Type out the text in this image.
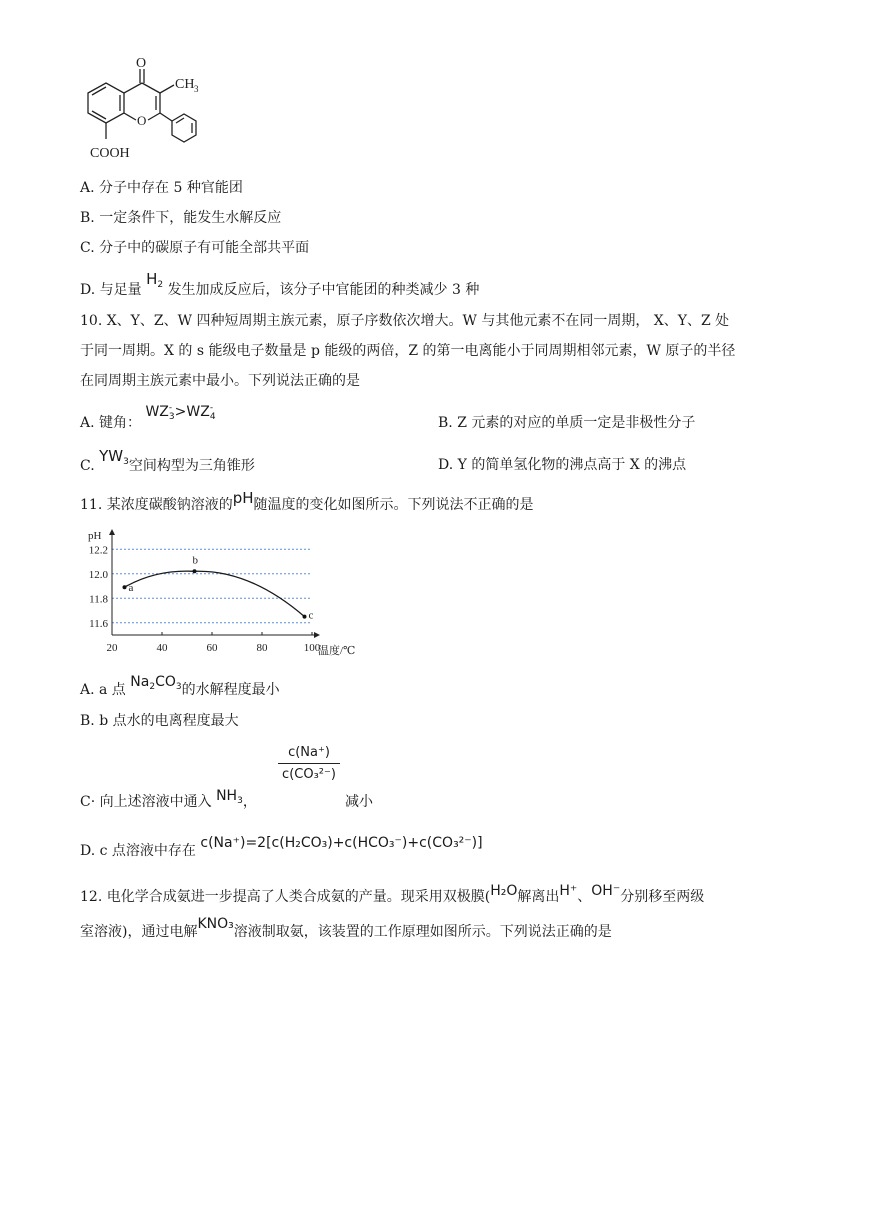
O
O
CH 3
COOH
A. 分子中存在 5 种官能团
B. 一定条件下，能发生水解反应
C. 分子中的碳原子有可能全部共平面
D. 与足量 $H_2$ 发生加成反应后，该分子中官能团的种类减少 3 种
10. X、Y、Z、W 四种短周期主族元素，原子序数依次增大。W 与其他元素不在同一周期， X、Y、Z 处
于同一周期。X 的 s 能级电子数量是 p 能级的两倍，Z 的第一电离能小于同周期相邻元素，W 原子的半径
在同周期主族元素中最小。下列说法正确的是
A. 键角： WZ -
3 >WZ -
4	B. Z 元素的对应的单质一定是非极性分子
C. $YW_3$空间构型为三角锥形	D. Y 的简单氢化物的沸点高于 X 的沸点
11. 某浓度碳酸钠溶液的pH随温度的变化如图所示。下列说法不正确的是
pH
温度/℃
12.2
12.0
11.8
11.6
20	40	60	80	100
a
b
c
A. a 点 $Na_2CO_3$的水解程度最小
B. b 点水的电离程度最大
C· 向上述溶液中通入 $NH_3$，
c(Na⁺)
c(CO₃²⁻)
减小
D. c 点溶液中存在 c(Na⁺)=2[c(H₂CO₃)+c(HCO₃⁻)+c(CO₃²⁻)]
12. 电化学合成氨进一步提高了人类合成氨的产量。现采用双极膜(H₂O解离出H⁺、OH⁻分别移至两级
室溶液)，通过电解KNO₃溶液制取氨，该装置的工作原理如图所示。下列说法正确的是
